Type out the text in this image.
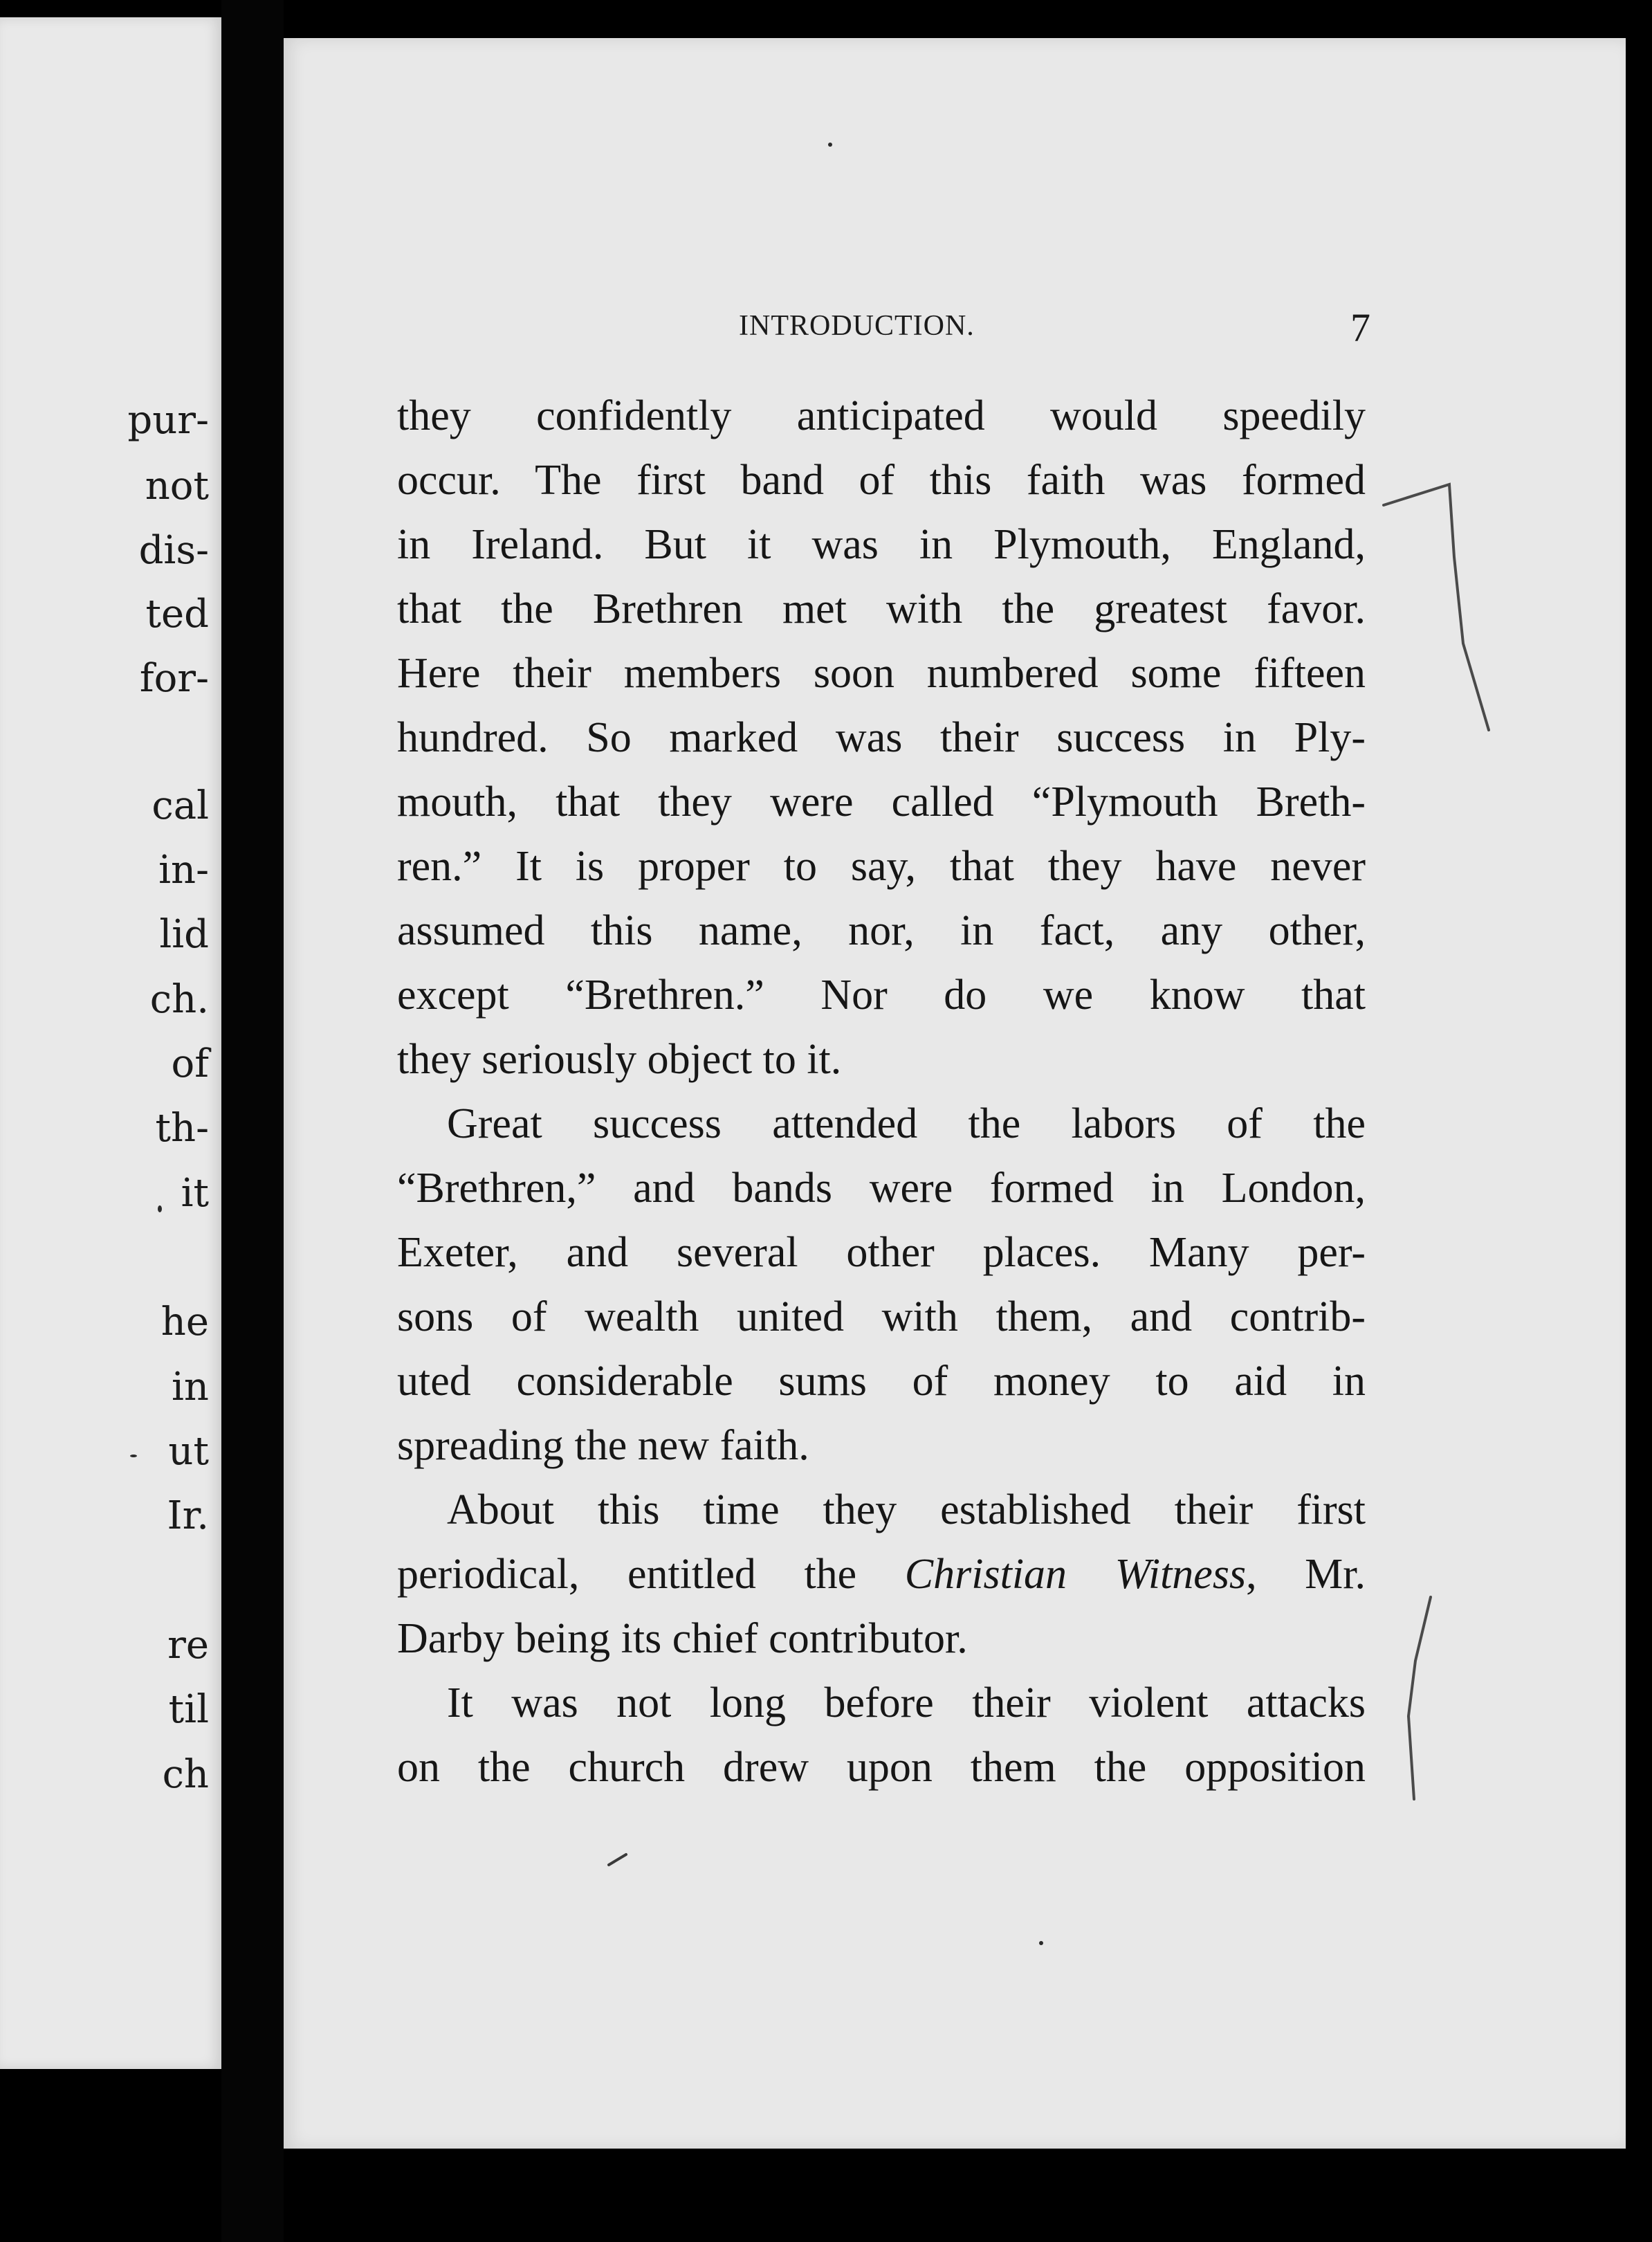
pur-
not
dis-
ted
for-
cal
in-
lid
ch.
of
th-
it
he
in
ut
Ir.
re
til
ch
INTRODUCTION.	7
they confidently anticipated would speedily
occur. The first band of this faith was formed
in Ireland. But it was in Plymouth, England,
that the Brethren met with the greatest favor.
Here their members soon numbered some fifteen
hundred. So marked was their success in Ply-
mouth, that they were called “Plymouth Breth-
ren.” It is proper to say, that they have never
assumed this name, nor, in fact, any other,
except “Brethren.” Nor do we know that
they seriously object to it.
Great success attended the labors of the
“Brethren,” and bands were formed in London,
Exeter, and several other places. Many per-
sons of wealth united with them, and contrib-
uted considerable sums of money to aid in
spreading the new faith.
About this time they established their first
periodical, entitled the Christian Witness, Mr.
Darby being its chief contributor.
It was not long before their violent attacks
on the church drew upon them the opposition
